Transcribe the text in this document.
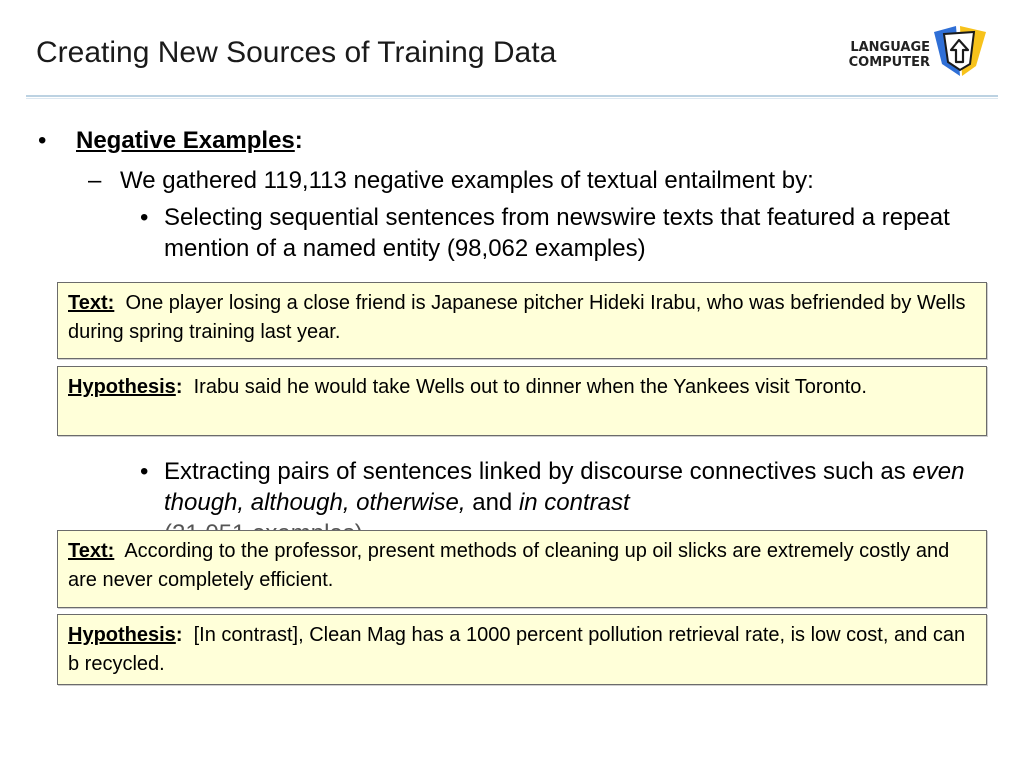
Creating New Sources of Training Data	LANGUAGE
COMPUTER
• Negative Examples:
– We gathered 119,113 negative examples of textual entailment by:
• Selecting sequential sentences from newswire texts that featured a repeat mention of a named entity (98,062 examples)
Text: One player losing a close friend is Japanese pitcher Hideki Irabu, who was befriended by Wells during spring training last year.
Hypothesis: Irabu said he would take Wells out to dinner when the Yankees visit Toronto.
• Extracting pairs of sentences linked by discourse connectives such as even though, although, otherwise, and in contrast

Text: According to the professor, present methods of cleaning up oil slicks are extremely costly and are never completely efficient.
Hypothesis: [In contrast], Clean Mag has a 1000 percent pollution retrieval rate, is low cost, and can b recycled.
